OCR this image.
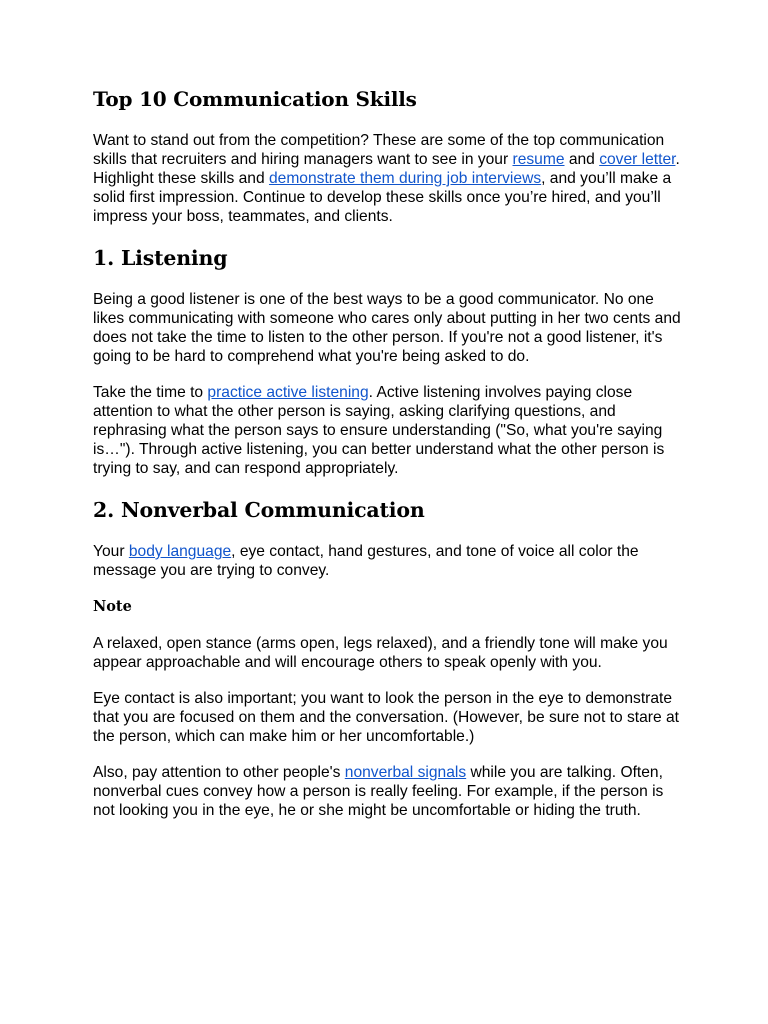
Top 10 Communication Skills

Want to stand out from the competition? These are some of the top communication skills that recruiters and hiring managers want to see in your resume and cover letter. Highlight these skills and demonstrate them during job interviews, and you’ll make a solid first impression. Continue to develop these skills once you’re hired, and you’ll impress your boss, teammates, and clients.

1. Listening

Being a good listener is one of the best ways to be a good communicator. No one likes communicating with someone who cares only about putting in her two cents and does not take the time to listen to the other person. If you're not a good listener, it's going to be hard to comprehend what you're being asked to do.

Take the time to practice active listening. Active listening involves paying close attention to what the other person is saying, asking clarifying questions, and rephrasing what the person says to ensure understanding ("So, what you're saying is…"). Through active listening, you can better understand what the other person is trying to say, and can respond appropriately.

2. Nonverbal Communication

Your body language, eye contact, hand gestures, and tone of voice all color the message you are trying to convey.

Note

A relaxed, open stance (arms open, legs relaxed), and a friendly tone will make you appear approachable and will encourage others to speak openly with you.

Eye contact is also important; you want to look the person in the eye to demonstrate that you are focused on them and the conversation. (However, be sure not to stare at the person, which can make him or her uncomfortable.)

Also, pay attention to other people's nonverbal signals while you are talking. Often, nonverbal cues convey how a person is really feeling. For example, if the person is not looking you in the eye, he or she might be uncomfortable or hiding the truth.
